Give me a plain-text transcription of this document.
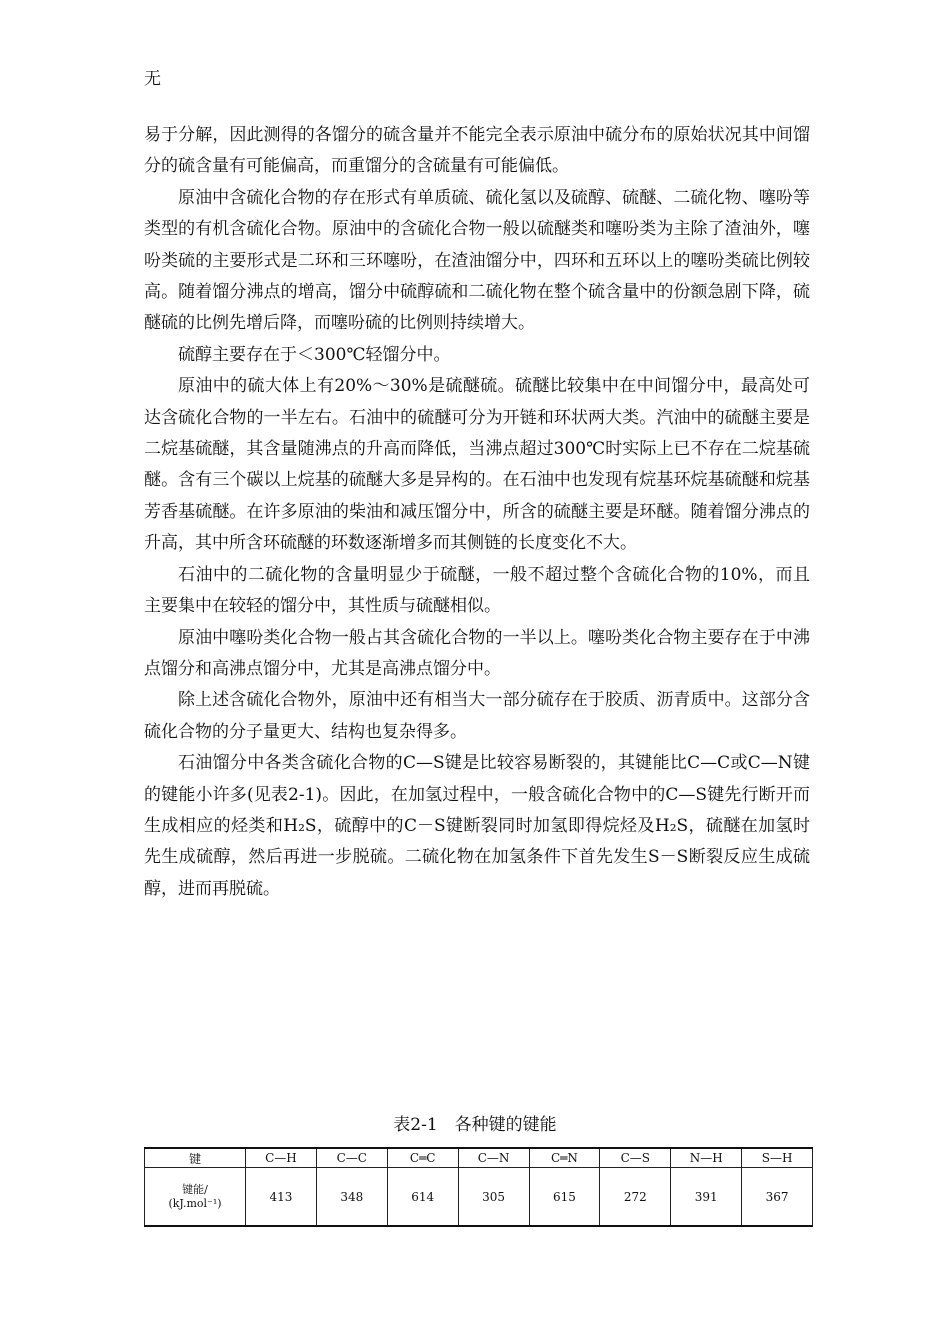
无

易于分解，因此测得的各馏分的硫含量并不能完全表示原油中硫分布的原始状况其中间馏分的硫含量有可能偏高，而重馏分的含硫量有可能偏低。

原油中含硫化合物的存在形式有单质硫、硫化氢以及硫醇、硫醚、二硫化物、噻吩等类型的有机含硫化合物。原油中的含硫化合物一般以硫醚类和噻吩类为主除了渣油外，噻吩类硫的主要形式是二环和三环噻吩，在渣油馏分中，四环和五环以上的噻吩类硫比例较高。随着馏分沸点的增高，馏分中硫醇硫和二硫化物在整个硫含量中的份额急剧下降，硫醚硫的比例先增后降，而噻吩硫的比例则持续增大。

硫醇主要存在于＜300℃轻馏分中。

原油中的硫大体上有20%～30%是硫醚硫。硫醚比较集中在中间馏分中，最高处可达含硫化合物的一半左右。石油中的硫醚可分为开链和环状两大类。汽油中的硫醚主要是二烷基硫醚，其含量随沸点的升高而降低，当沸点超过300℃时实际上已不存在二烷基硫醚。含有三个碳以上烷基的硫醚大多是异构的。在石油中也发现有烷基环烷基硫醚和烷基芳香基硫醚。在许多原油的柴油和减压馏分中，所含的硫醚主要是环醚。随着馏分沸点的升高，其中所含环硫醚的环数逐渐增多而其侧链的长度变化不大。

石油中的二硫化物的含量明显少于硫醚，一般不超过整个含硫化合物的10%，而且主要集中在较轻的馏分中，其性质与硫醚相似。

原油中噻吩类化合物一般占其含硫化合物的一半以上。噻吩类化合物主要存在于中沸点馏分和高沸点馏分中，尤其是高沸点馏分中。

除上述含硫化合物外，原油中还有相当大一部分硫存在于胶质、沥青质中。这部分含硫化合物的分子量更大、结构也复杂得多。

石油馏分中各类含硫化合物的C—S键是比较容易断裂的，其键能比C—C或C—N键的键能小许多(见表2-1)。因此，在加氢过程中，一般含硫化合物中的C—S键先行断开而生成相应的烃类和H₂S，硫醇中的C－S键断裂同时加氢即得烷烃及H₂S，硫醚在加氢时先生成硫醇，然后再进一步脱硫。二硫化物在加氢条件下首先发生S－S断裂反应生成硫醇，进而再脱硫。

表2-1　各种键的键能
键	C—H	C—C	C═C	C—N	C═N	C—S	N—H	S—H

键能/
(kJ.mol⁻¹)	413	348	614	305	615	272	391	367
